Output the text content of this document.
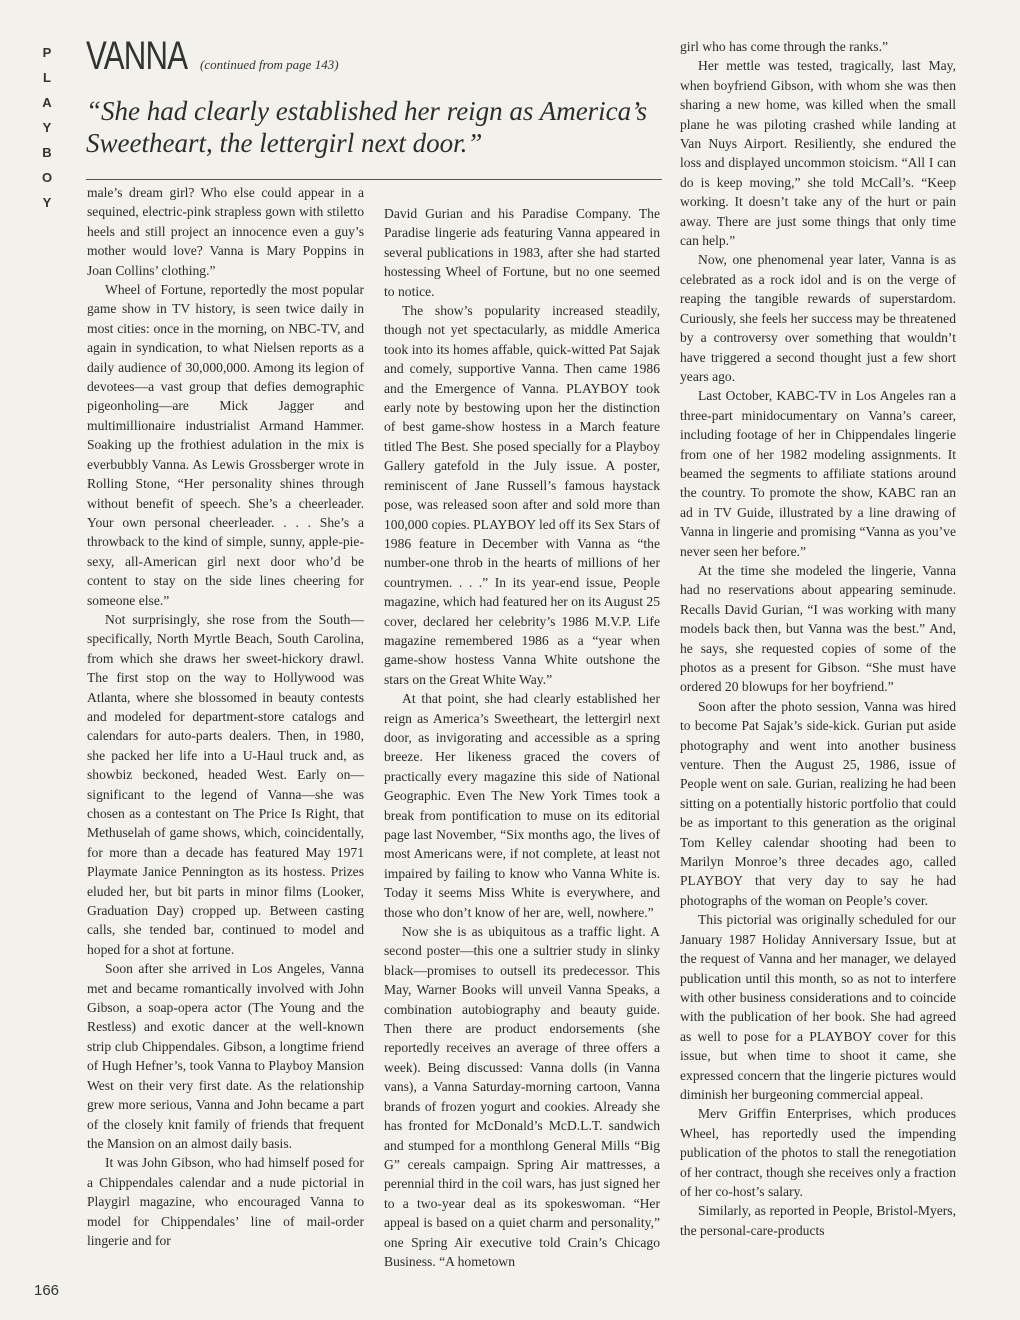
P
L
A
Y
B
O
Y
166
VANNA (continued from page 143)
“She had clearly established her reign as America’s Sweetheart, the lettergirl next door.”

male’s dream girl? Who else could appear in a sequined, electric-pink strapless gown with stiletto heels and still project an innocence even a guy’s mother would love? Vanna is Mary Poppins in Joan Collins’ clothing.”

Wheel of Fortune, reportedly the most popular game show in TV history, is seen twice daily in most cities: once in the morning, on NBC-TV, and again in syndication, to what Nielsen reports as a daily audience of 30,000,000. Among its legion of devotees—a vast group that defies demographic pigeonholing—are Mick Jagger and multimillionaire industrialist Armand Hammer. Soaking up the frothiest adulation in the mix is everbubbly Vanna. As Lewis Grossberger wrote in Rolling Stone, “Her personality shines through without benefit of speech. She’s a cheerleader. Your own personal cheerleader. . . . She’s a throwback to the kind of simple, sunny, apple-pie-sexy, all-American girl next door who’d be content to stay on the side lines cheering for someone else.”

Not surprisingly, she rose from the South—specifically, North Myrtle Beach, South Carolina, from which she draws her sweet-hickory drawl. The first stop on the way to Hollywood was Atlanta, where she blossomed in beauty contests and modeled for department-store catalogs and calendars for auto-parts dealers. Then, in 1980, she packed her life into a U-Haul truck and, as showbiz beckoned, headed West. Early on—significant to the legend of Vanna—she was chosen as a contestant on The Price Is Right, that Methuselah of game shows, which, coincidentally, for more than a decade has featured May 1971 Playmate Janice Pennington as its hostess. Prizes eluded her, but bit parts in minor films (Looker, Graduation Day) cropped up. Between casting calls, she tended bar, continued to model and hoped for a shot at fortune.

Soon after she arrived in Los Angeles, Vanna met and became romantically involved with John Gibson, a soap-opera actor (The Young and the Restless) and exotic dancer at the well-known strip club Chippendales. Gibson, a longtime friend of Hugh Hefner’s, took Vanna to Playboy Mansion West on their very first date. As the relationship grew more serious, Vanna and John became a part of the closely knit family of friends that frequent the Mansion on an almost daily basis.

It was John Gibson, who had himself posed for a Chippendales calendar and a nude pictorial in Playgirl magazine, who encouraged Vanna to model for Chippendales’ line of mail-order lingerie and for

David Gurian and his Paradise Company. The Paradise lingerie ads featuring Vanna appeared in several publications in 1983, after she had started hostessing Wheel of Fortune, but no one seemed to notice.

The show’s popularity increased steadily, though not yet spectacularly, as middle America took into its homes affable, quick-witted Pat Sajak and comely, supportive Vanna. Then came 1986 and the Emergence of Vanna. PLAYBOY took early note by bestowing upon her the distinction of best game-show hostess in a March feature titled The Best. She posed specially for a Playboy Gallery gatefold in the July issue. A poster, reminiscent of Jane Russell’s famous haystack pose, was released soon after and sold more than 100,000 copies. PLAYBOY led off its Sex Stars of 1986 feature in December with Vanna as “the number-one throb in the hearts of millions of her countrymen. . . .” In its year-end issue, People magazine, which had featured her on its August 25 cover, declared her celebrity’s 1986 M.V.P. Life magazine remembered 1986 as a “year when game-show hostess Vanna White outshone the stars on the Great White Way.”

At that point, she had clearly established her reign as America’s Sweetheart, the lettergirl next door, as invigorating and accessible as a spring breeze. Her likeness graced the covers of practically every magazine this side of National Geographic. Even The New York Times took a break from pontification to muse on its editorial page last November, “Six months ago, the lives of most Americans were, if not complete, at least not impaired by failing to know who Vanna White is. Today it seems Miss White is everywhere, and those who don’t know of her are, well, nowhere.”

Now she is as ubiquitous as a traffic light. A second poster—this one a sultrier study in slinky black—promises to outsell its predecessor. This May, Warner Books will unveil Vanna Speaks, a combination autobiography and beauty guide. Then there are product endorsements (she reportedly receives an average of three offers a week). Being discussed: Vanna dolls (in Vanna vans), a Vanna Saturday-morning cartoon, Vanna brands of frozen yogurt and cookies. Already she has fronted for McDonald’s McD.L.T. sandwich and stumped for a monthlong General Mills “Big G” cereals campaign. Spring Air mattresses, a perennial third in the coil wars, has just signed her to a two-year deal as its spokeswoman. “Her appeal is based on a quiet charm and personality,” one Spring Air executive told Crain’s Chicago Business. “A hometown

girl who has come through the ranks.”

Her mettle was tested, tragically, last May, when boyfriend Gibson, with whom she was then sharing a new home, was killed when the small plane he was piloting crashed while landing at Van Nuys Airport. Resiliently, she endured the loss and displayed uncommon stoicism. “All I can do is keep moving,” she told McCall’s. “Keep working. It doesn’t take any of the hurt or pain away. There are just some things that only time can help.”

Now, one phenomenal year later, Vanna is as celebrated as a rock idol and is on the verge of reaping the tangible rewards of superstardom. Curiously, she feels her success may be threatened by a controversy over something that wouldn’t have triggered a second thought just a few short years ago.

Last October, KABC-TV in Los Angeles ran a three-part minidocumentary on Vanna’s career, including footage of her in Chippendales lingerie from one of her 1982 modeling assignments. It beamed the segments to affiliate stations around the country. To promote the show, KABC ran an ad in TV Guide, illustrated by a line drawing of Vanna in lingerie and promising “Vanna as you’ve never seen her before.”

At the time she modeled the lingerie, Vanna had no reservations about appearing seminude. Recalls David Gurian, “I was working with many models back then, but Vanna was the best.” And, he says, she requested copies of some of the photos as a present for Gibson. “She must have ordered 20 blowups for her boyfriend.”

Soon after the photo session, Vanna was hired to become Pat Sajak’s side-kick. Gurian put aside photography and went into another business venture. Then the August 25, 1986, issue of People went on sale. Gurian, realizing he had been sitting on a potentially historic portfolio that could be as important to this generation as the original Tom Kelley calendar shooting had been to Marilyn Monroe’s three decades ago, called PLAYBOY that very day to say he had photographs of the woman on People’s cover.

This pictorial was originally scheduled for our January 1987 Holiday Anniversary Issue, but at the request of Vanna and her manager, we delayed publication until this month, so as not to interfere with other business considerations and to coincide with the publication of her book. She had agreed as well to pose for a PLAYBOY cover for this issue, but when time to shoot it came, she expressed concern that the lingerie pictures would diminish her burgeoning commercial appeal.

Merv Griffin Enterprises, which produces Wheel, has reportedly used the impending publication of the photos to stall the renegotiation of her contract, though she receives only a fraction of her co-host’s salary.

Similarly, as reported in People, Bristol-Myers, the personal-care-products
